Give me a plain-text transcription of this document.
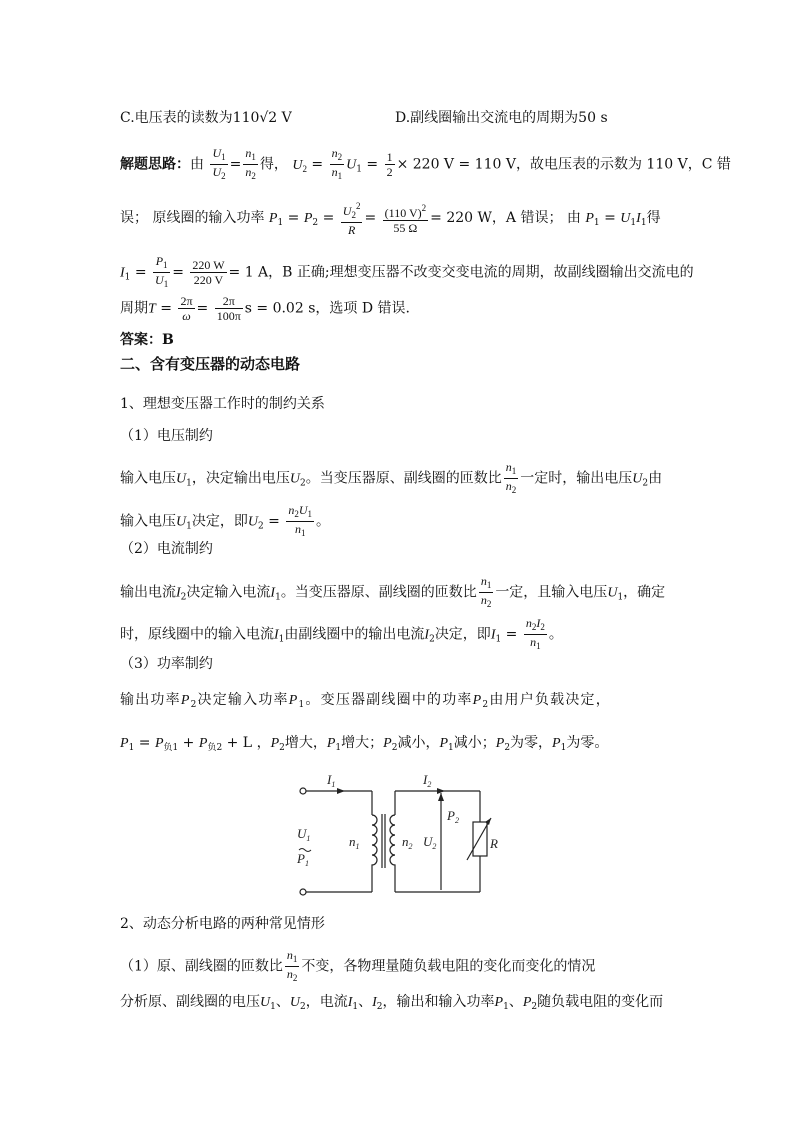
C.电压表的读数为110√2 V	D.副线圈输出交流电的周期为50 s
解题思路：由 $\frac{U_1}{U_2} = \frac{n_1}{n_2}$ 得， $U_2 = \frac{n_2}{n_1} U_1 = \frac{1}{2} \times 220$ V = 110 V，故电压表的示数为 110 V，C 错
误； 原线圈的输入功率 $P_1 = P_2 = \frac{U_2^2}{R} = \frac{(110 V)^2}{55 \Omega} = 220$ W，A 错误； 由 $P_1 = U_1I_1$得
$I_1 = \frac{P_1}{U_1} = \frac{220 W}{220 V} = 1$ A，B 正确;理想变压器不改变交变电流的周期，故副线圈输出交流电的
周期$T = \frac{2\pi}{\omega} = \frac{2\pi}{100\pi}$ s = 0.02 s，选项 D 错误.
答案：B
二、含有变压器的动态电路
1、理想变压器工作时的制约关系
（1）电压制约
输入电压$U_1$，决定输出电压$U_2$。当变压器原、副线圈的匝数比 $\frac{n_1}{n_2}$ 一定时，输出电压$U_2$由
输入电压$U_1$决定，即$U_2 = \frac{n_2U_1}{n_1}$ 。
（2）电流制约
输出电流$I_2$决定输入电流$I_1$。当变压器原、副线圈的匝数比 $\frac{n_1}{n_2}$ 一定，且输入电压$U_1$，确定
时，原线圈中的输入电流$I_1$由副线圈中的输出电流$I_2$决定，即$I_1 = \frac{n_2I_2}{n_1}$ 。
（3）功率制约
输出功率$P_2$决定输入功率$P_1$。变压器副线圈中的功率$P_2$由用户负载决定，
$P_1 = P_{负1} + P_{负2} + L$ ，$P_2$增大，$P_1$增大；$P_2$减小，$P_1$减小；$P_2$为零，$P_1$为零。
$I_1$	$I_2$
$P_2$
$U_1$
$P_1$
$n_1$	$n_2$ $U_2$	R
2、动态分析电路的两种常见情形
（1）原、副线圈的匝数比 $\frac{n_1}{n_2}$ 不变，各物理量随负载电阻的变化而变化的情况
分析原、副线圈的电压$U_1$、$U_2$，电流$I_1$、$I_2$，输出和输入功率$P_1$、$P_2$随负载电阻的变化而
